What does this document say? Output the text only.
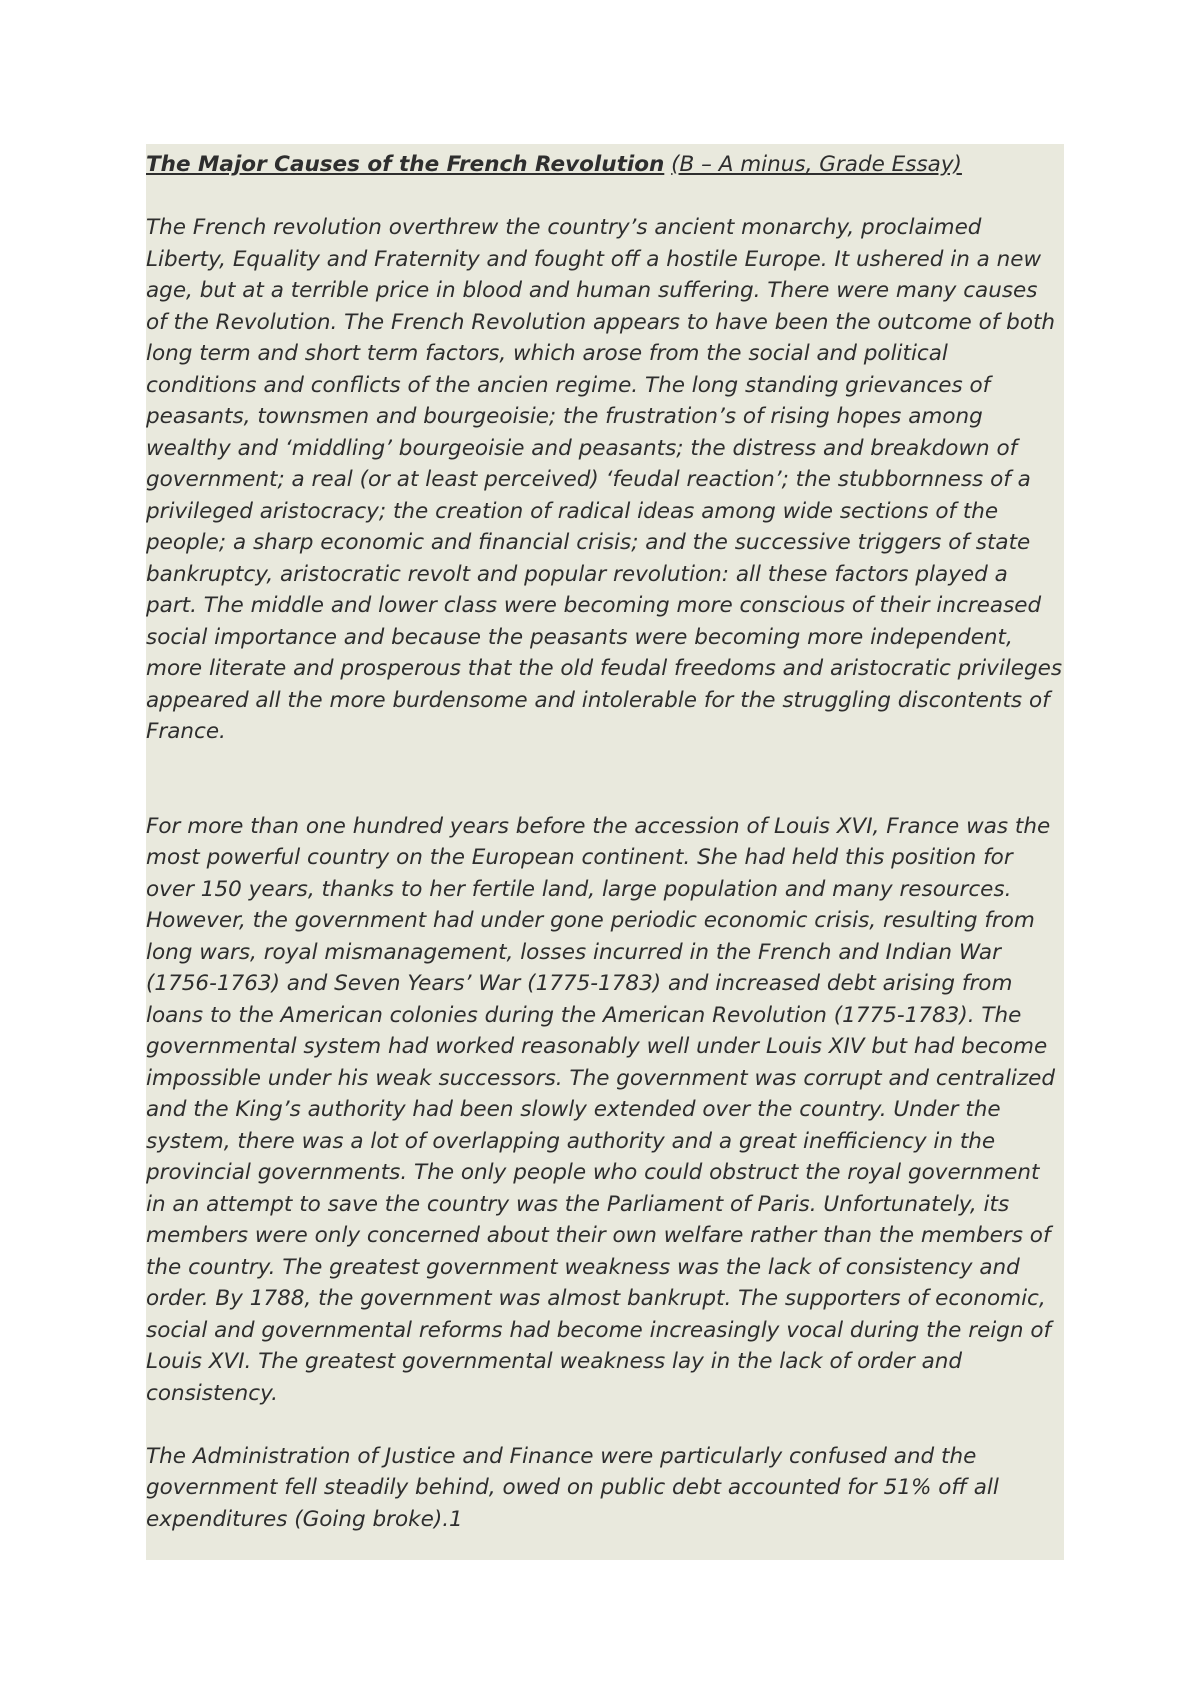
The Major Causes of the French Revolution (B – A minus, Grade Essay)

The French revolution overthrew the country’s ancient monarchy, proclaimed Liberty, Equality and Fraternity and fought off a hostile Europe. It ushered in a new age, but at a terrible price in blood and human suffering. There were many causes of the Revolution. The French Revolution appears to have been the outcome of both long term and short term factors, which arose from the social and political conditions and conflicts of the ancien regime. The long standing grievances of peasants, townsmen and bourgeoisie; the frustration’s of rising hopes among wealthy and ‘middling’ bourgeoisie and peasants; the distress and breakdown of government; a real (or at least perceived) ‘feudal reaction’; the stubbornness of a privileged aristocracy; the creation of radical ideas among wide sections of the people; a sharp economic and financial crisis; and the successive triggers of state bankruptcy, aristocratic revolt and popular revolution: all these factors played a part. The middle and lower class were becoming more conscious of their increased social importance and because the peasants were becoming more independent, more literate and prosperous that the old feudal freedoms and aristocratic privileges appeared all the more burdensome and intolerable for the struggling discontents of France.

For more than one hundred years before the accession of Louis XVI, France was the most powerful country on the European continent. She had held this position for over 150 years, thanks to her fertile land, large population and many resources. However, the government had under gone periodic economic crisis, resulting from long wars, royal mismanagement, losses incurred in the French and Indian War (1756-1763) and Seven Years’ War (1775-1783) and increased debt arising from loans to the American colonies during the American Revolution (1775-1783). The governmental system had worked reasonably well under Louis XIV but had become impossible under his weak successors. The government was corrupt and centralized and the King’s authority had been slowly extended over the country. Under the system, there was a lot of overlapping authority and a great inefficiency in the provincial governments. The only people who could obstruct the royal government in an attempt to save the country was the Parliament of Paris. Unfortunately, its members were only concerned about their own welfare rather than the members of the country. The greatest government weakness was the lack of consistency and order. By 1788, the government was almost bankrupt. The supporters of economic, social and governmental reforms had become increasingly vocal during the reign of Louis XVI. The greatest governmental weakness lay in the lack of order and consistency.

The Administration of Justice and Finance were particularly confused and the government fell steadily behind, owed on public debt accounted for 51% off all expenditures (Going broke).1
